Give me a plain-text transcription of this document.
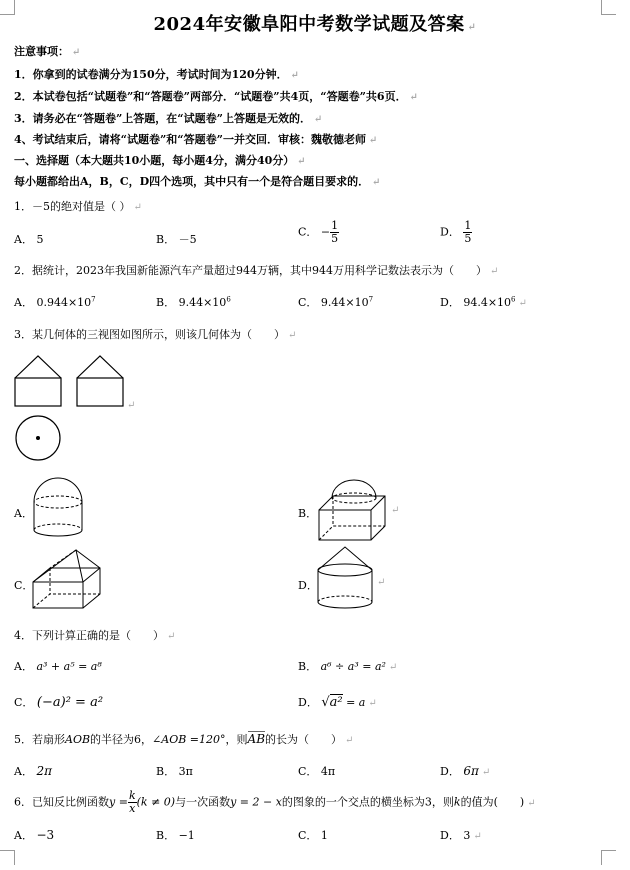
2024年安徽阜阳中考数学试题及答案 ↵
注意事项： ↵
1．你拿到的试卷满分为150分，考试时间为120分钟． ↵
2．本试卷包括“试题卷”和“答题卷”两部分．“试题卷”共4页，“答题卷”共6页． ↵
3．请务必在“答题卷”上答题，在“试题卷”上答题是无效的． ↵
4、考试结束后，请将“试题卷”和“答题卷”一并交回．审核：魏敬德老师 ↵
一、选择题（本大题共10小题，每小题4分，满分40分） ↵
每小题都给出A，B，C，D四个选项，其中只有一个是符合题目要求的． ↵
1．－5的绝对值是（ ） ↵
A． 5	B． －5
C． − $\frac{1}{5}$	D． $\frac{1}{5}$
2．据统计，2023年我国新能源汽车产量超过944万辆，其中944万用科学记数法表示为（　　） ↵
A． $0.944\times 10^7$	B． $9.44\times 10^6$	C． $9.44\times 10^7$	D． $94.4\times 10^6$ ↵
3．某几何体的三视图如图所示，则该几何体为（　　） ↵
↵
A．	B．
C．	D．
↵
↵
4．下列计算正确的是（　　） ↵
A． a³ + a⁵ = a⁸	B． a⁶ ÷ a³ = a² ↵
C． (−a)² = a²	D． √a² = a ↵
5．若扇形AOB的半径为6，∠AOB =120°，则AB的长为（　　） ↵
A． 2π	B． 3π	C． 4π	D． 6π ↵
6．已知反比例函数$y = \frac{k}{x} (k \ne 0)$与一次函数y = 2 − x的图象的一个交点的横坐标为3，则k的值为(　　) ↵
A． −3	B． −1	C． 1	D． 3 ↵
